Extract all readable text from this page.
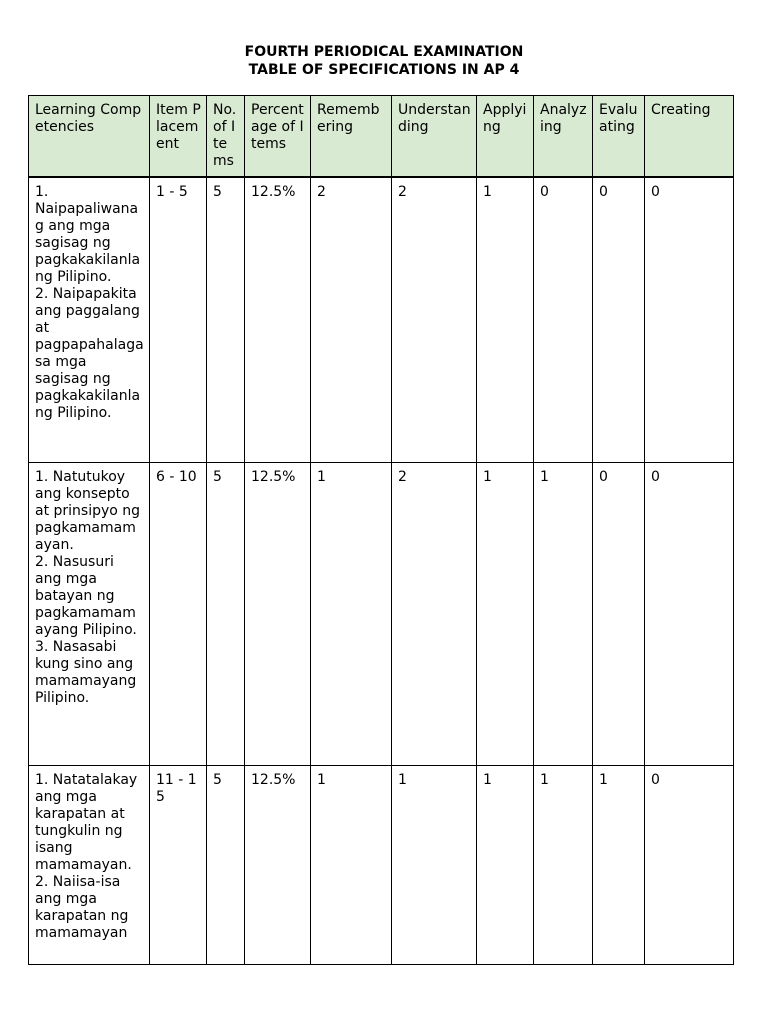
FOURTH PERIODICAL EXAMINATION
TABLE OF SPECIFICATIONS IN AP 4
Learning Competencies	Item Placement	No. of Items	Percentage of Items	Remembering	Understanding	Applying	Analyzing	Evaluating	Creating

1. Naipapaliwanag ang mga sagisag ng pagkakakilanlang Pilipino.
2. Naipapakita ang paggalang at pagpapahalaga sa mga sagisag ng pagkakakilanlang Pilipino.	1 - 5	5	12.5%	2	2	1	0	0	0

1. Natutukoy ang konsepto at prinsipyo ng pagkamamamayan.
2. Nasusuri ang mga batayan ng pagkamamamayang Pilipino.
3. Nasasabi kung sino ang mamamayang Pilipino.	6 - 10	5	12.5%	1	2	1	1	0	0

1. Natatalakay ang mga karapatan at tungkulin ng isang mamamayan.
2. Naiisa-isa ang mga karapatan ng mamamayan	11 - 15	5	12.5%	1	1	1	1	1	0
